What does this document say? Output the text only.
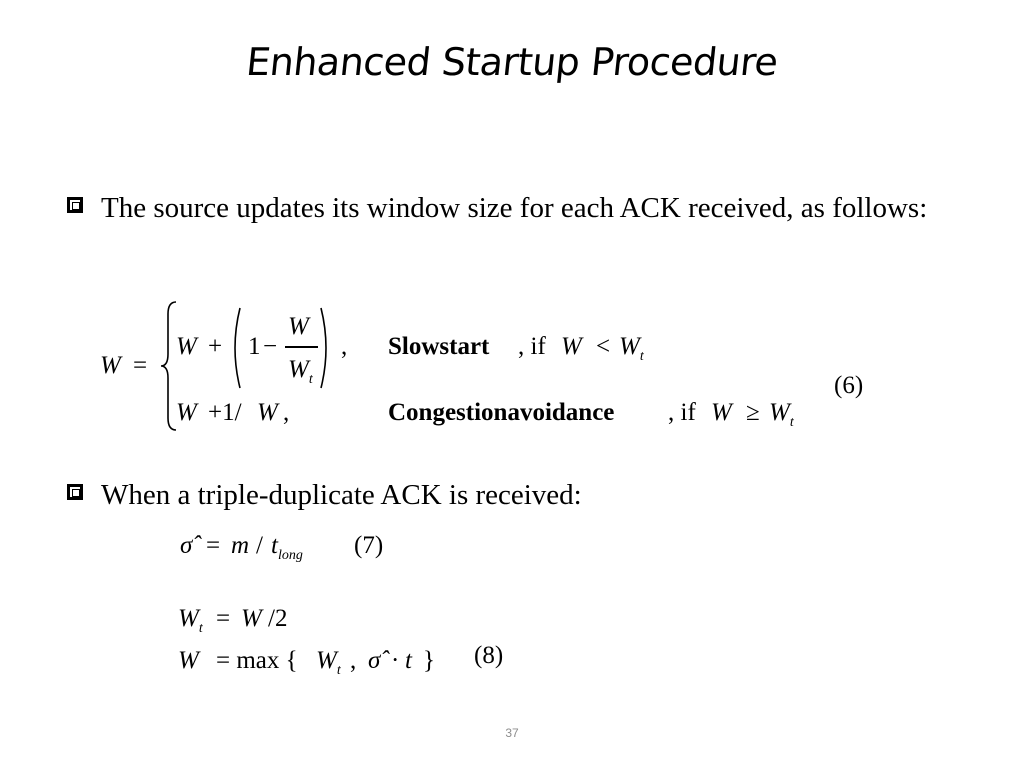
Enhanced Startup Procedure
The source updates its window size for each ACK received, as follows:
W =
W + 1 −
W
$W_t$
, Slowstart , if $W < W_t$
W +1/ W ,	Congestionavoidance , if $W \ge W_t$
(6)
When a triple-duplicate ACK is received:
σ̂ = m / $t_{long}$ (7)
$W_t = W$ /2
W = max { $W_t$ , σ̂ · t } (8)
37
